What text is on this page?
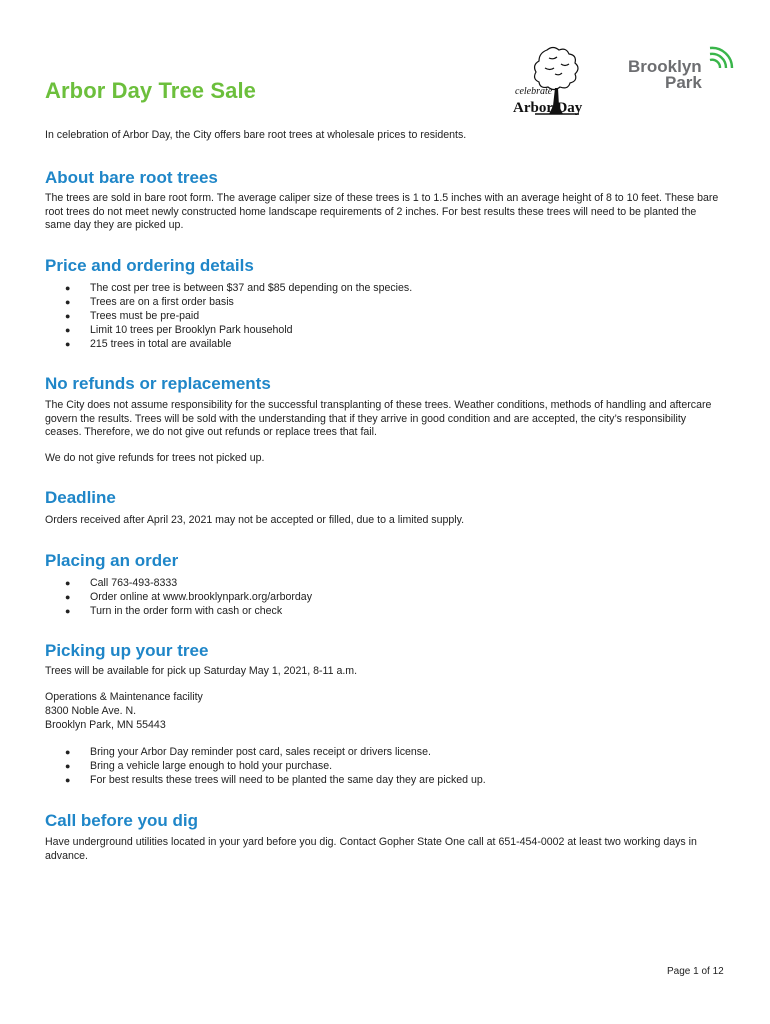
Arbor Day Tree Sale

In celebration of Arbor Day, the City offers bare root trees at wholesale prices to residents.

celebrate
Arbor Day
Brooklyn
Park
About bare root trees

The trees are sold in bare root form. The average caliper size of these trees is 1 to 1.5 inches with an average height of 8 to 10 feet. These bare root trees do not meet newly constructed home landscape requirements of 2 inches. For best results these trees will need to be planted the same day they are picked up.

Price and ordering details
● The cost per tree is between $37 and $85 depending on the species.
● Trees are on a first order basis
● Trees must be pre-paid
● Limit 10 trees per Brooklyn Park household
● 215 trees in total are available
No refunds or replacements

The City does not assume responsibility for the successful transplanting of these trees. Weather conditions, methods of handling and aftercare govern the results. Trees will be sold with the understanding that if they arrive in good condition and are accepted, the city’s responsibility ceases. Therefore, we do not give out refunds or replace trees that fail.

We do not give refunds for trees not picked up.

Deadline

Orders received after April 23, 2021 may not be accepted or filled, due to a limited supply.

Placing an order
● Call 763-493-8333
● Order online at www.brooklynpark.org/arborday
● Turn in the order form with cash or check
Picking up your tree

Trees will be available for pick up Saturday May 1, 2021, 8-11 a.m.

Operations & Maintenance facility

8300 Noble Ave. N.

Brooklyn Park, MN 55443

● Bring your Arbor Day reminder post card, sales receipt or drivers license.
● Bring a vehicle large enough to hold your purchase.
● For best results these trees will need to be planted the same day they are picked up.
Call before you dig

Have underground utilities located in your yard before you dig. Contact Gopher State One call at 651-454-0002 at least two working days in advance.

Page 1 of 12
